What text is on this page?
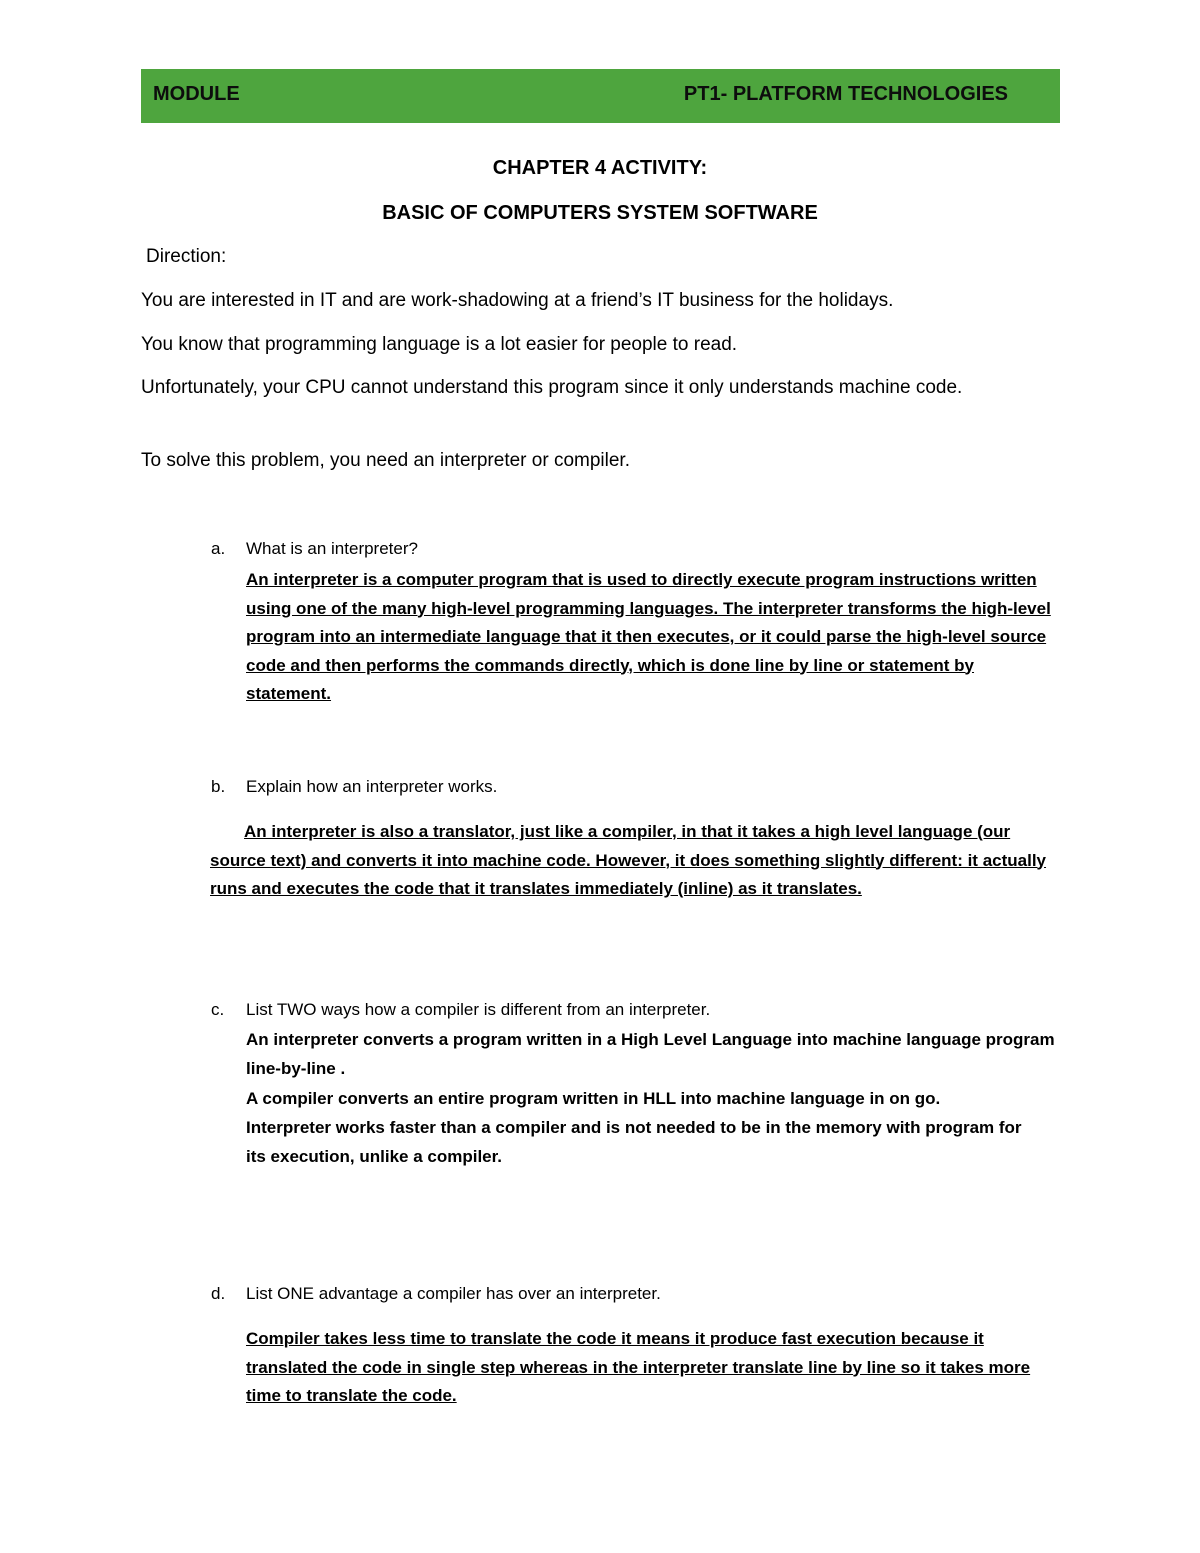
MODULE	PT1- PLATFORM TECHNOLOGIES
CHAPTER 4 ACTIVITY:
BASIC OF COMPUTERS SYSTEM SOFTWARE
Direction:
You are interested in IT and are work-shadowing at a friend’s IT business for the holidays.
You know that programming language is a lot easier for people to read.
Unfortunately, your CPU cannot understand this program since it only understands machine code.
To solve this problem, you need an interpreter or compiler.
a. What is an interpreter?
An interpreter is a computer program that is used to directly execute program instructions written using one of the many high-level programming languages. The interpreter transforms the high-level program into an intermediate language that it then executes, or it could parse the high-level source code and then performs the commands directly, which is done line by line or statement by statement.
b. Explain how an interpreter works.
An interpreter is also a translator, just like a compiler, in that it takes a high level language (our source text) and converts it into machine code. However, it does something slightly different: it actually runs and executes the code that it translates immediately (inline) as it translates.
c. List TWO ways how a compiler is different from an interpreter.
An interpreter converts a program written in a High Level Language into machine language program line-by-line .
A compiler converts an entire program written in HLL into machine language in on go.
Interpreter works faster than a compiler and is not needed to be in the memory with program for its execution, unlike a compiler.
d. List ONE advantage a compiler has over an interpreter.
Compiler takes less time to translate the code it means it produce fast execution because it translated the code in single step whereas in the interpreter translate line by line so it takes more time to translate the code.
